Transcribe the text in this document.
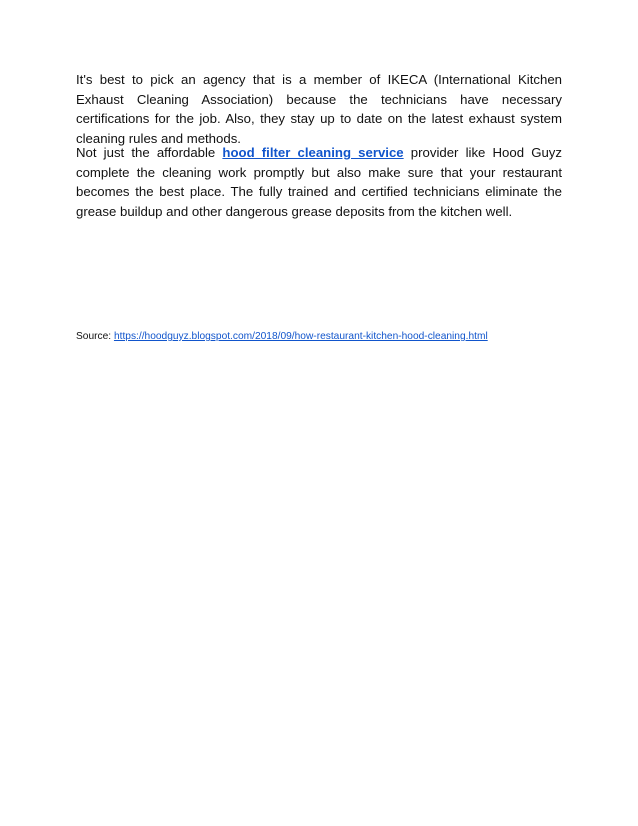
It's best to pick an agency that is a member of IKECA (International Kitchen Exhaust Cleaning Association) because the technicians have necessary certifications for the job. Also, they stay up to date on the latest exhaust system cleaning rules and methods.

Not just the affordable hood filter cleaning service provider like Hood Guyz complete the cleaning work promptly but also make sure that your restaurant becomes the best place. The fully trained and certified technicians eliminate the grease buildup and other dangerous grease deposits from the kitchen well.

Source: https://hoodguyz.blogspot.com/2018/09/how-restaurant-kitchen-hood-cleaning.html
